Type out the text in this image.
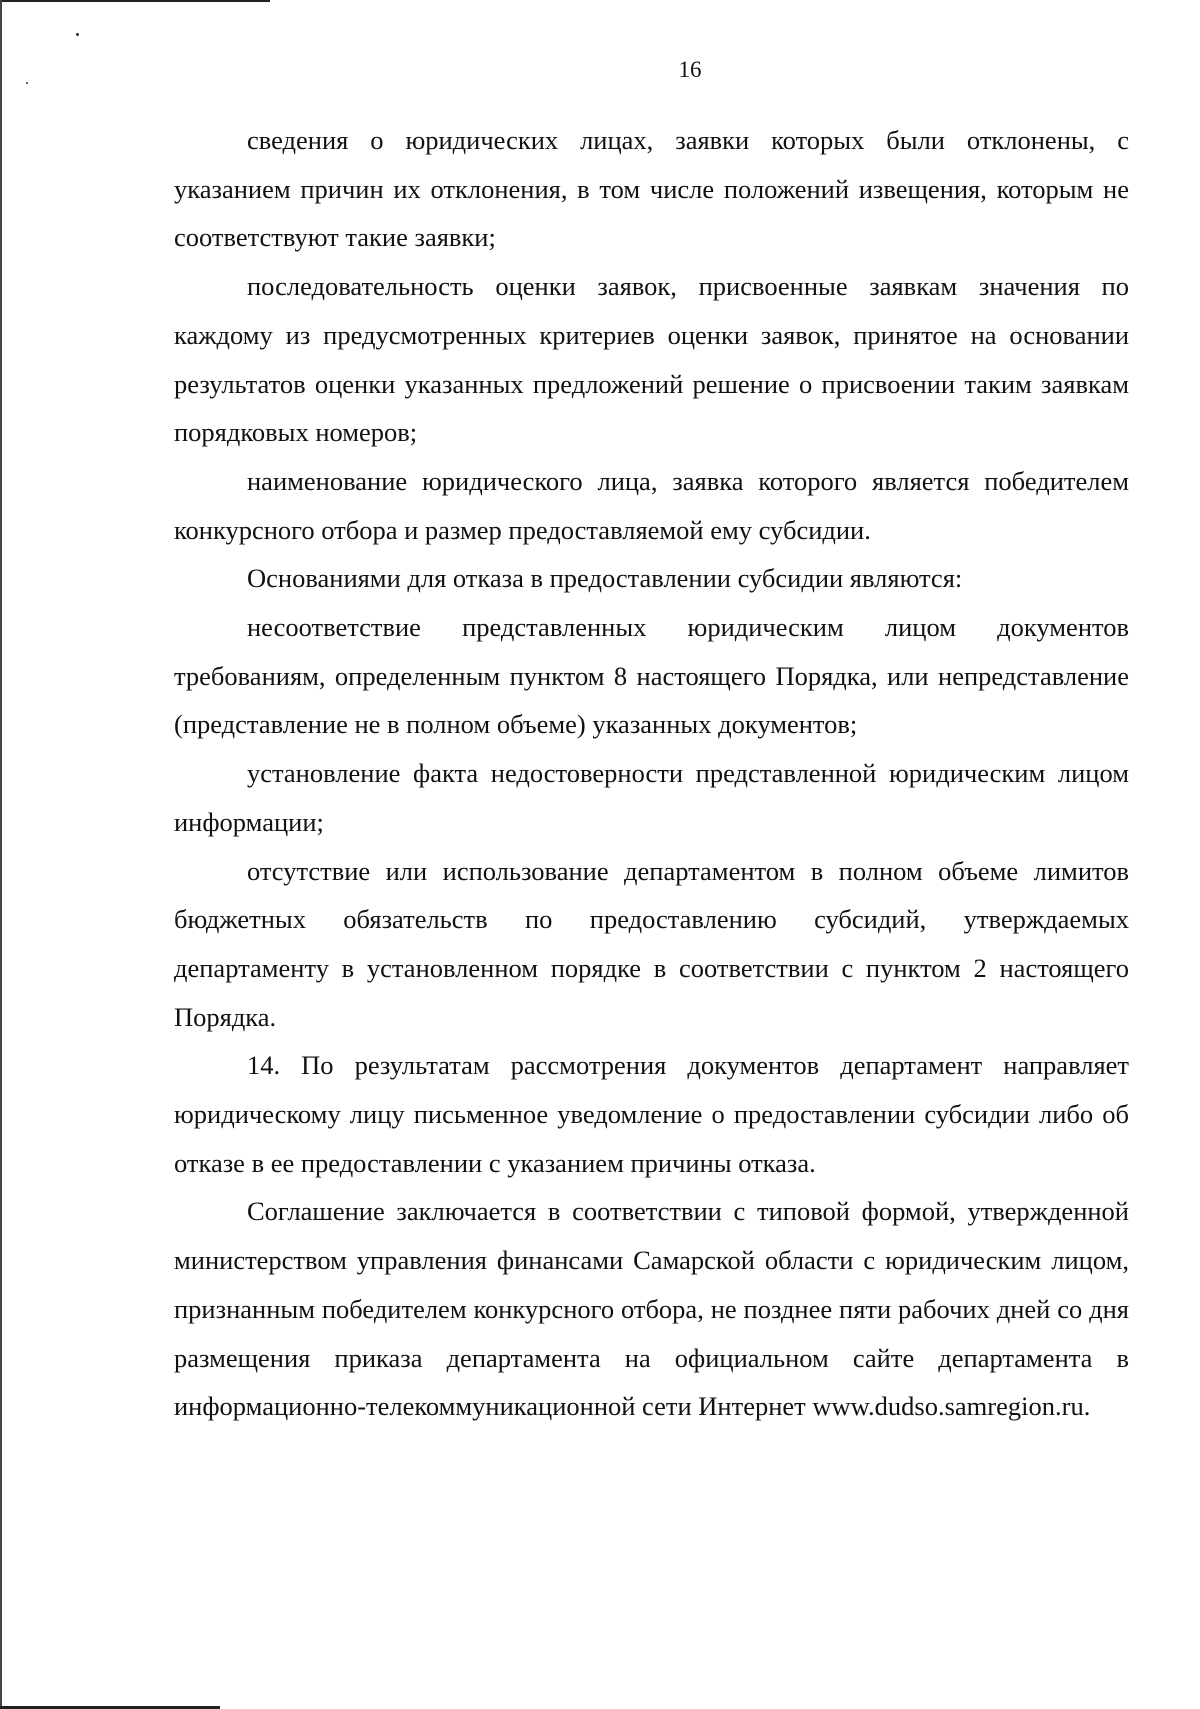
16

сведения о юридических лицах, заявки которых были отклонены, с указанием причин их отклонения, в том числе положений извещения, которым не соответствуют такие заявки;

последовательность оценки заявок, присвоенные заявкам значения по каждому из предусмотренных критериев оценки заявок, принятое на основании результатов оценки указанных предложений решение о присвоении таким заявкам порядковых номеров;

наименование юридического лица, заявка которого является победителем конкурсного отбора и размер предоставляемой ему субсидии.

Основаниями для отказа в предоставлении субсидии являются:

несоответствие представленных юридическим лицом документов требованиям, определенным пунктом 8 настоящего Порядка, или непредставление (представление не в полном объеме) указанных документов;

установление факта недостоверности представленной юридическим лицом информации;

отсутствие или использование департаментом в полном объеме лимитов бюджетных обязательств по предоставлению субсидий, утверждаемых департаменту в установленном порядке в соответствии с пунктом 2 настоящего Порядка.

14. По результатам рассмотрения документов департамент направляет юридическому лицу письменное уведомление о предоставлении субсидии либо об отказе в ее предоставлении с указанием причины отказа.

Соглашение заключается в соответствии с типовой формой, утвержденной министерством управления финансами Самарской области с юридическим лицом, признанным победителем конкурсного отбора, не позднее пяти рабочих дней со дня размещения приказа департамента на официальном сайте департамента в информационно-телекоммуникационной сети Интернет www.dudso.samregion.ru.
